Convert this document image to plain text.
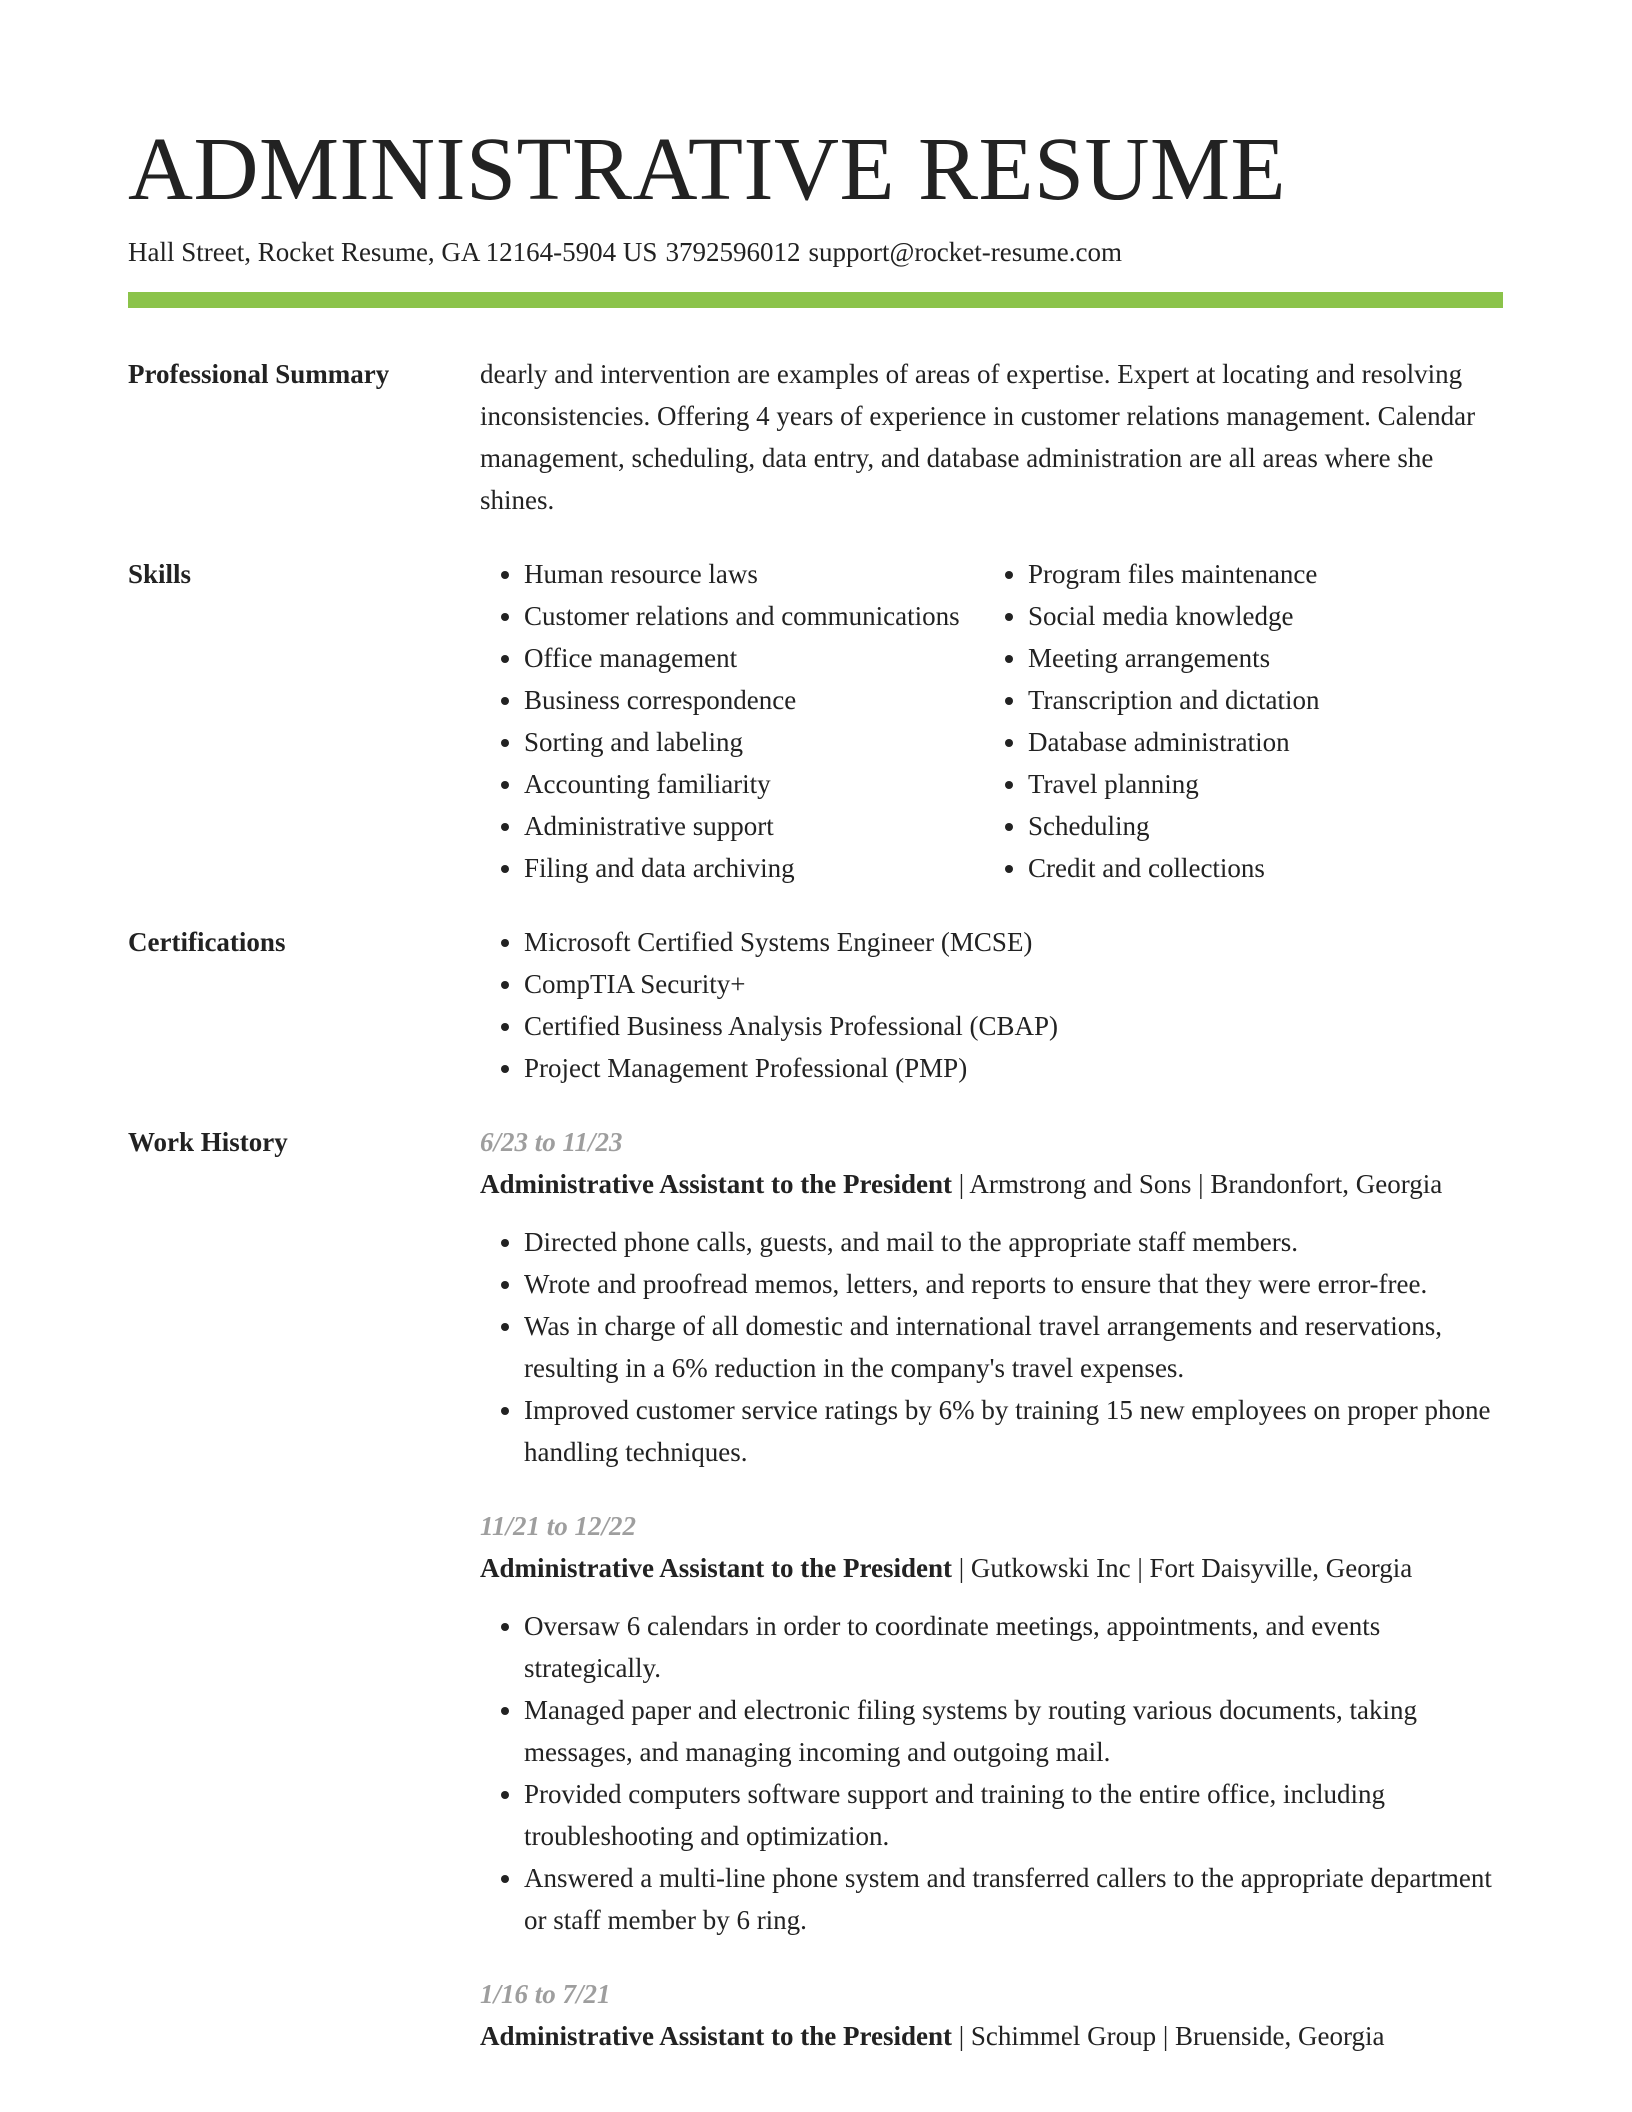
ADMINISTRATIVE RESUME
Hall Street, Rocket Resume, GA 12164-5904 US 3792596012 support@rocket-resume.com
Professional Summary	dearly and intervention are examples of areas of expertise. Expert at locating and resolving inconsistencies. Offering 4 years of experience in customer relations management. Calendar management, scheduling, data entry, and database administration are all areas where she shines.

Skills	• Human resource laws
• Customer relations and communications
• Office management
• Business correspondence
• Sorting and labeling
• Accounting familiarity
• Administrative support
• Filing and data archiving
• Program files maintenance
• Social media knowledge
• Meeting arrangements
• Transcription and dictation
• Database administration
• Travel planning
• Scheduling
• Credit and collections
Certifications	• Microsoft Certified Systems Engineer (MCSE)
• CompTIA Security+
• Certified Business Analysis Professional (CBAP)
• Project Management Professional (PMP)
Work History	6/23 to 11/23
Administrative Assistant to the President | Armstrong and Sons | Brandonfort, Georgia
• Directed phone calls, guests, and mail to the appropriate staff members.
• Wrote and proofread memos, letters, and reports to ensure that they were error-free.
• Was in charge of all domestic and international travel arrangements and reservations, resulting in a 6% reduction in the company's travel expenses.
• Improved customer service ratings by 6% by training 15 new employees on proper phone handling techniques.
11/21 to 12/22
Administrative Assistant to the President | Gutkowski Inc | Fort Daisyville, Georgia
• Oversaw 6 calendars in order to coordinate meetings, appointments, and events strategically.
• Managed paper and electronic filing systems by routing various documents, taking messages, and managing incoming and outgoing mail.
• Provided computers software support and training to the entire office, including troubleshooting and optimization.
• Answered a multi-line phone system and transferred callers to the appropriate department or staff member by 6 ring.
1/16 to 7/21
Administrative Assistant to the President | Schimmel Group | Bruenside, Georgia
